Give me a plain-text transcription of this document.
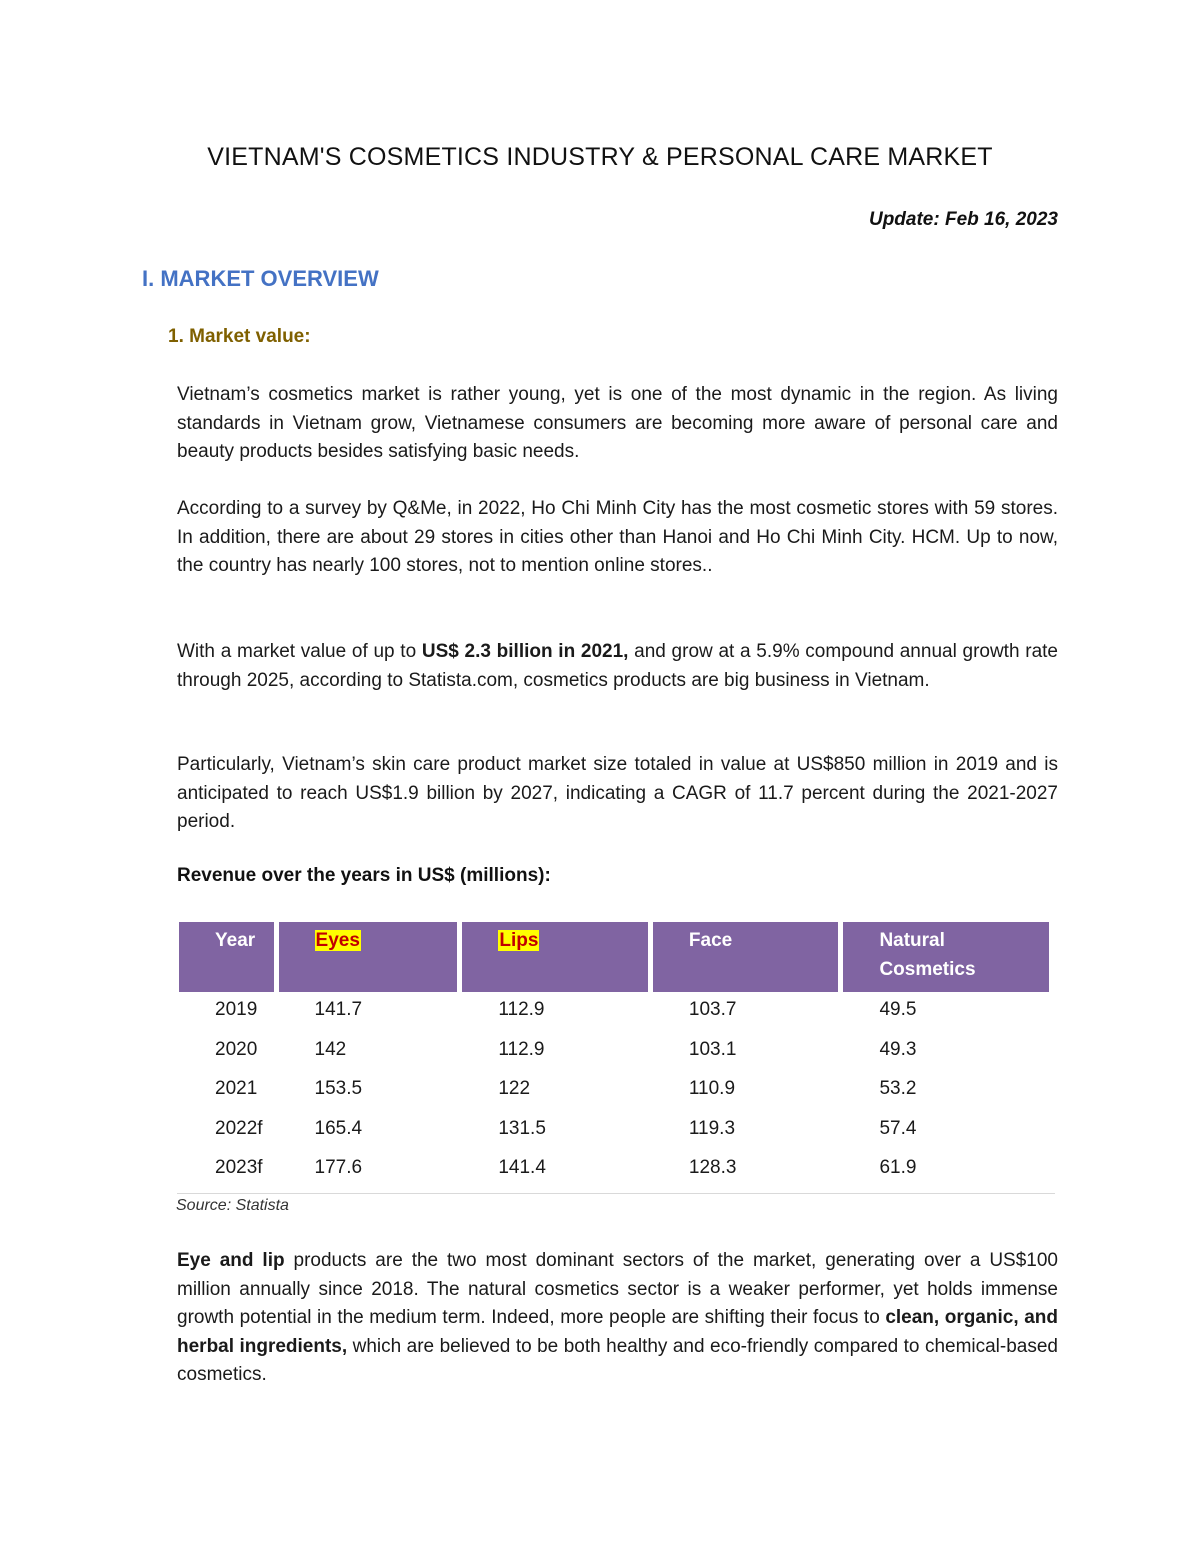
VIETNAM'S COSMETICS INDUSTRY & PERSONAL CARE MARKET
Update: Feb 16, 2023
I. MARKET OVERVIEW
1. Market value:
Vietnam’s cosmetics market is rather young, yet is one of the most dynamic in the region. As living standards in Vietnam grow, Vietnamese consumers are becoming more aware of personal care and beauty products besides satisfying basic needs.
According to a survey by Q&Me, in 2022, Ho Chi Minh City has the most cosmetic stores with 59 stores. In addition, there are about 29 stores in cities other than Hanoi and Ho Chi Minh City. HCM. Up to now, the country has nearly 100 stores, not to mention online stores..
With a market value of up to US$ 2.3 billion in 2021, and grow at a 5.9% compound annual growth rate through 2025, according to Statista.com, cosmetics products are big business in Vietnam.
Particularly, Vietnam’s skin care product market size totaled in value at US$850 million in 2019 and is anticipated to reach US$1.9 billion by 2027, indicating a CAGR of 11.7 percent during the 2021-2027 period.
Revenue over the years in US$ (millions):
Year	Eyes	Lips	Face	Natural Cosmetics
2019	141.7	112.9	103.7	49.5
2020	142	112.9	103.1	49.3
2021	153.5	122	110.9	53.2
2022f	165.4	131.5	119.3	57.4
2023f	177.6	141.4	128.3	61.9
Source: Statista
Eye and lip products are the two most dominant sectors of the market, generating over a US$100 million annually since 2018. The natural cosmetics sector is a weaker performer, yet holds immense growth potential in the medium term. Indeed, more people are shifting their focus to clean, organic, and herbal ingredients, which are believed to be both healthy and eco-friendly compared to chemical-based cosmetics.
